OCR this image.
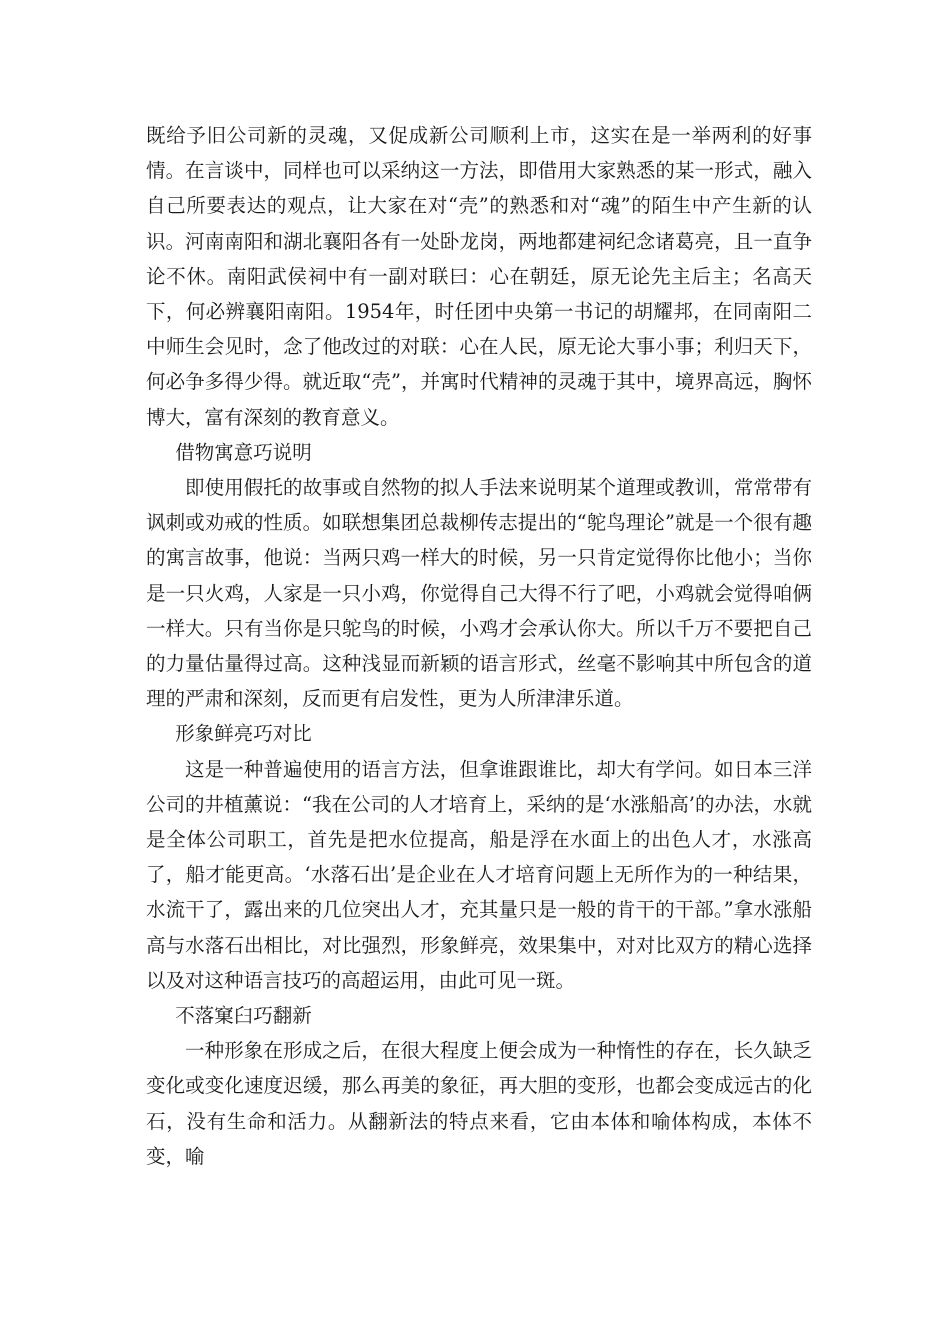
既给予旧公司新的灵魂，又促成新公司顺利上市，这实在是一举两利的好事情。在言谈中，同样也可以采纳这一方法，即借用大家熟悉的某一形式，融入自己所要表达的观点，让大家在对“壳”的熟悉和对“魂”的陌生中产生新的认识。河南南阳和湖北襄阳各有一处卧龙岗，两地都建祠纪念诸葛亮，且一直争论不休。南阳武侯祠中有一副对联曰：心在朝廷，原无论先主后主；名高天下，何必辨襄阳南阳。1954年，时任团中央第一书记的胡耀邦，在同南阳二中师生会见时，念了他改过的对联：心在人民，原无论大事小事；利归天下，何必争多得少得。就近取“壳”，并寓时代精神的灵魂于其中，境界高远，胸怀博大，富有深刻的教育意义。

借物寓意巧说明

即使用假托的故事或自然物的拟人手法来说明某个道理或教训，常常带有讽刺或劝戒的性质。如联想集团总裁柳传志提出的“鸵鸟理论”就是一个很有趣的寓言故事，他说：当两只鸡一样大的时候，另一只肯定觉得你比他小；当你是一只火鸡，人家是一只小鸡，你觉得自己大得不行了吧，小鸡就会觉得咱俩一样大。只有当你是只鸵鸟的时候，小鸡才会承认你大。所以千万不要把自己的力量估量得过高。这种浅显而新颖的语言形式，丝毫不影响其中所包含的道理的严肃和深刻，反而更有启发性，更为人所津津乐道。

形象鲜亮巧对比

这是一种普遍使用的语言方法，但拿谁跟谁比，却大有学问。如日本三洋公司的井植薰说：“我在公司的人才培育上，采纳的是‘水涨船高’的办法，水就是全体公司职工，首先是把水位提高，船是浮在水面上的出色人才，水涨高了，船才能更高。‘水落石出’是企业在人才培育问题上无所作为的一种结果，水流干了，露出来的几位突出人才，充其量只是一般的肯干的干部。”拿水涨船高与水落石出相比，对比强烈，形象鲜亮，效果集中，对对比双方的精心选择以及对这种语言技巧的高超运用，由此可见一斑。

不落窠臼巧翻新

一种形象在形成之后，在很大程度上便会成为一种惰性的存在，长久缺乏变化或变化速度迟缓，那么再美的象征，再大胆的变形，也都会变成远古的化石，没有生命和活力。从翻新法的特点来看，它由本体和喻体构成，本体不变，喻
